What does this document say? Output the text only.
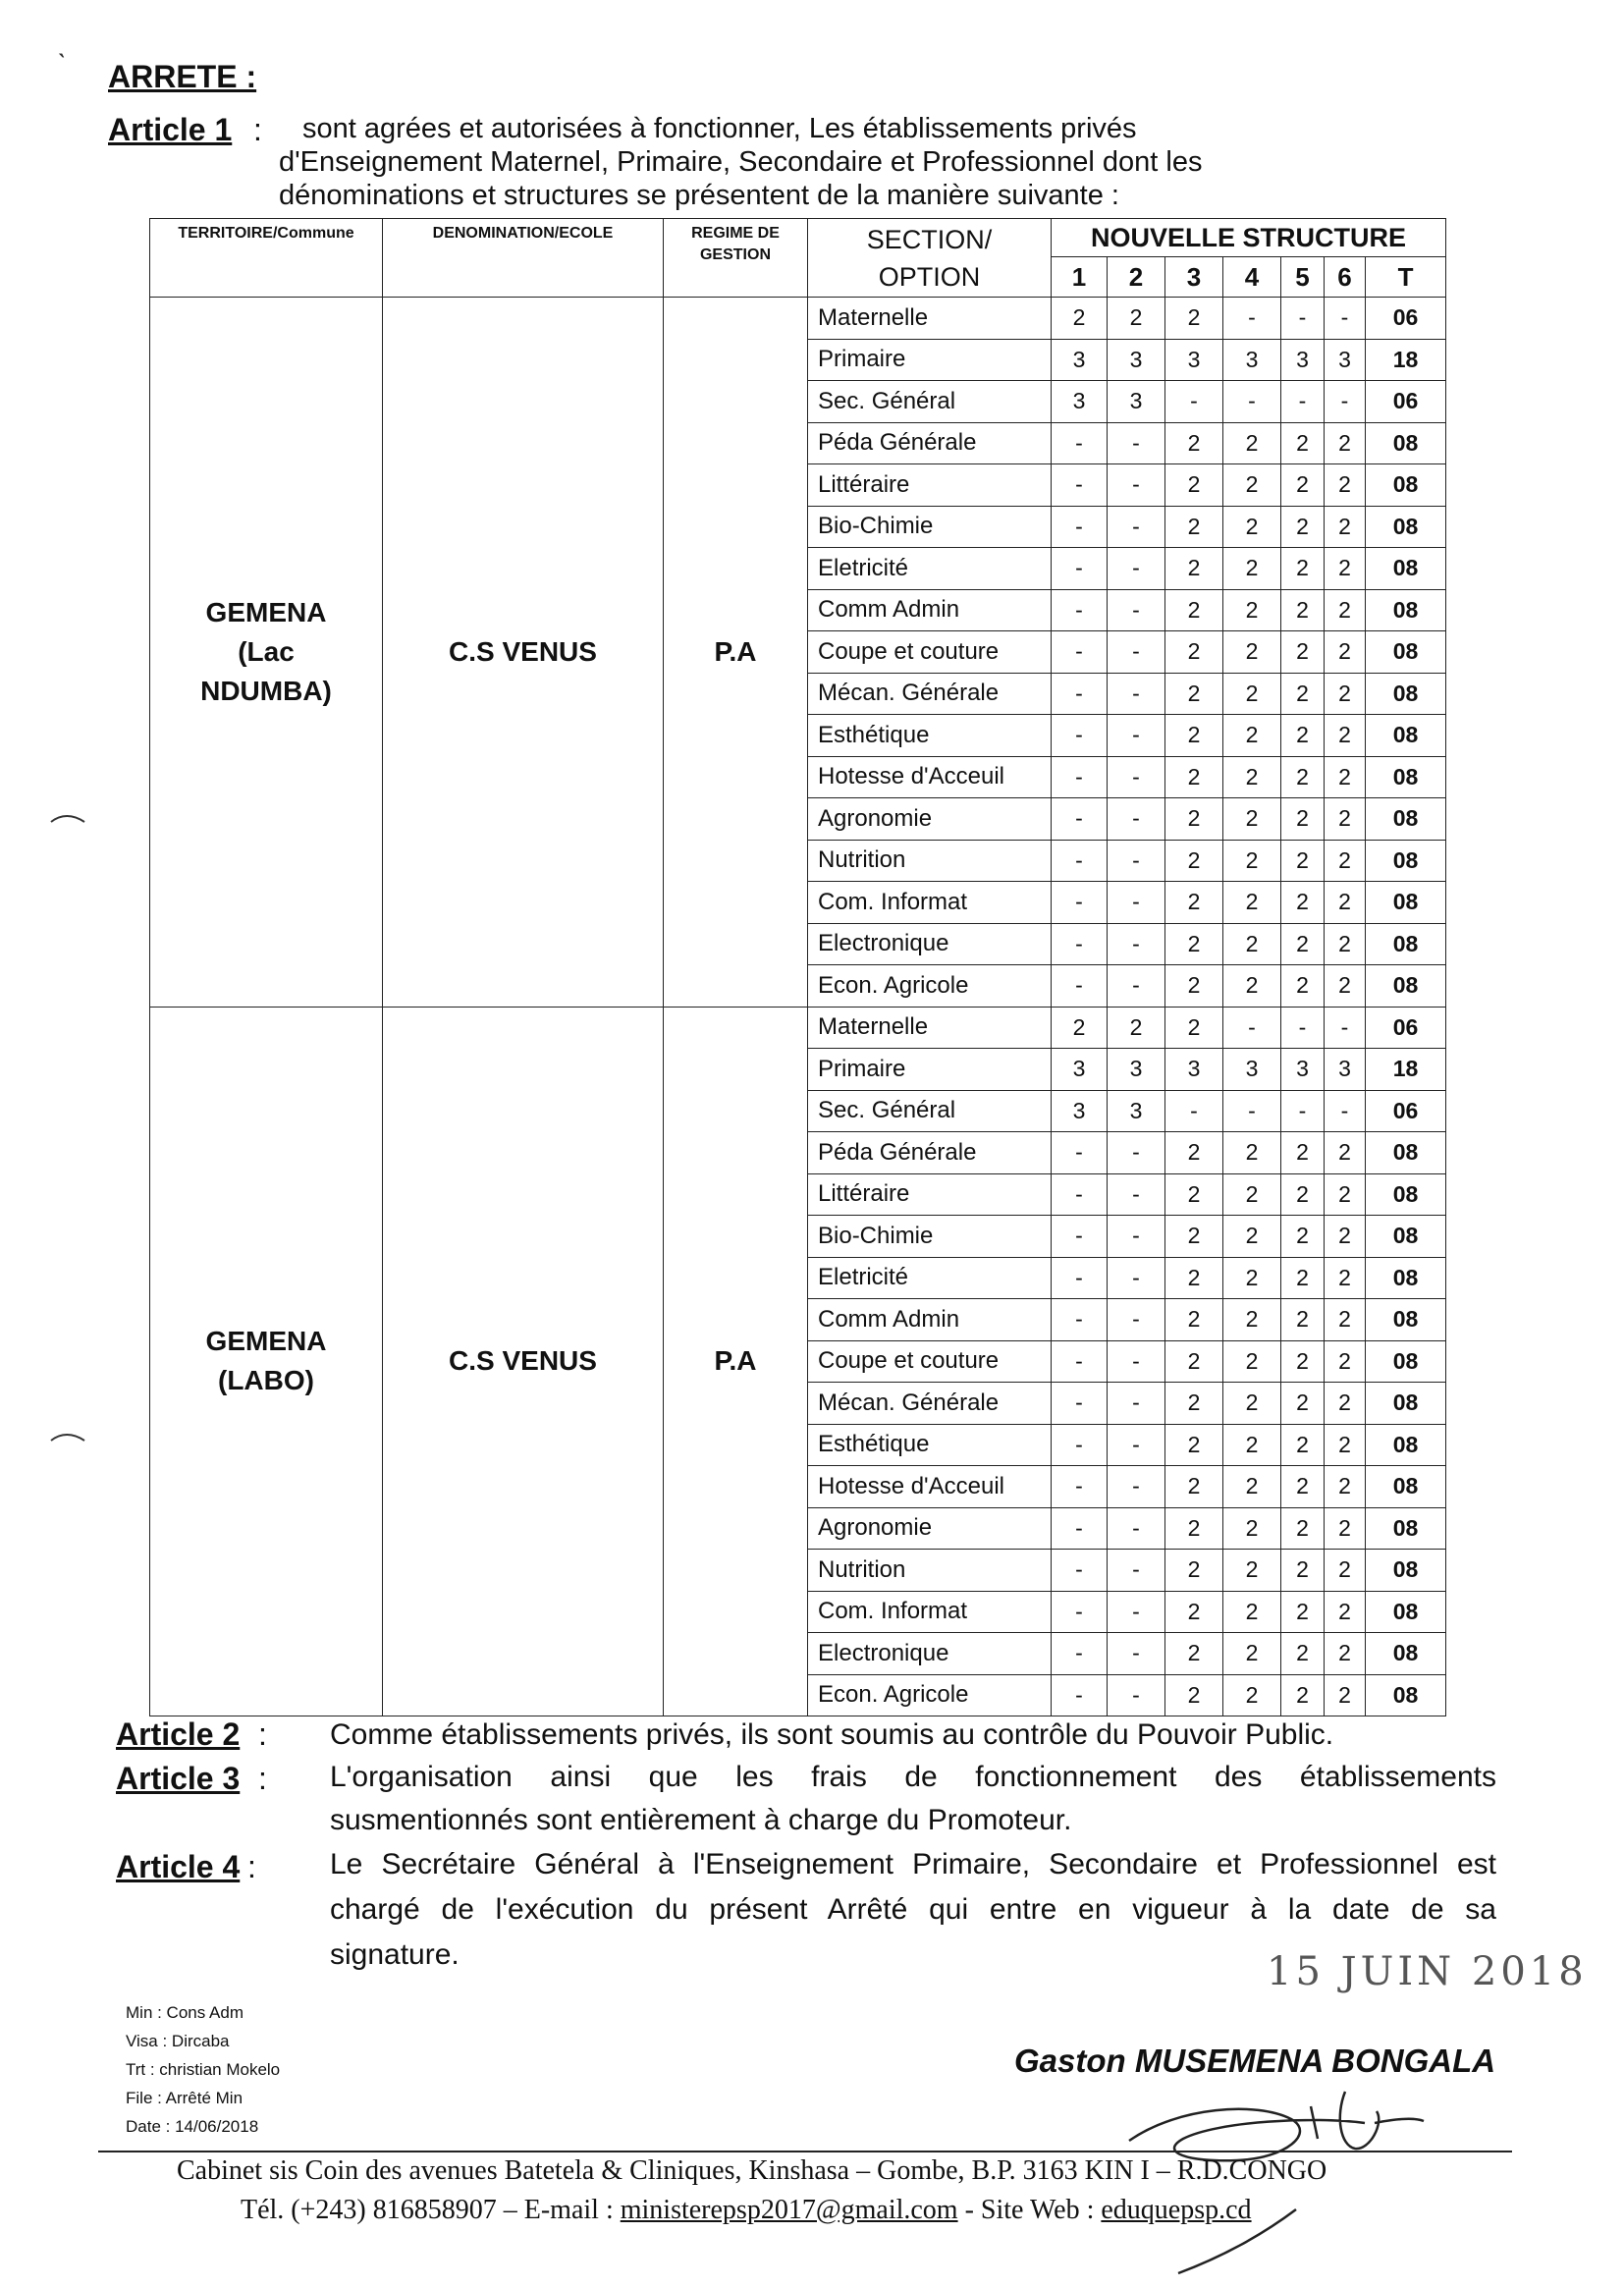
ARRETE :
Article 1 : sont agrées et autorisées à fonctionner, Les établissements privés
d'Enseignement Maternel, Primaire, Secondaire et Professionnel dont les
dénominations et structures se présentent de la manière suivante :
TERRITOIRE/Commune	DENOMINATION/ECOLE	REGIME DE GESTION	SECTION/
OPTION	NOUVELLE STRUCTURE						
				1	2	3	4	5	6	T

GEMENA
(Lac
NDUMBA)	C.S VENUS	P.A	Maternelle	2	2	2	-	-	-	06
			Primaire	3	3	3	3	3	3	18
			Sec. Général	3	3	-	-	-	-	06
			Péda Générale	-	-	2	2	2	2	08
			Littéraire	-	-	2	2	2	2	08
			Bio-Chimie	-	-	2	2	2	2	08
			Eletricité	-	-	2	2	2	2	08
			Comm Admin	-	-	2	2	2	2	08
			Coupe et couture	-	-	2	2	2	2	08
			Mécan. Générale	-	-	2	2	2	2	08
			Esthétique	-	-	2	2	2	2	08
			Hotesse d'Acceuil	-	-	2	2	2	2	08
			Agronomie	-	-	2	2	2	2	08
			Nutrition	-	-	2	2	2	2	08
			Com. Informat	-	-	2	2	2	2	08
			Electronique	-	-	2	2	2	2	08
			Econ. Agricole	-	-	2	2	2	2	08

GEMENA
(LABO)	C.S VENUS	P.A	Maternelle	2	2	2	-	-	-	06
			Primaire	3	3	3	3	3	3	18
			Sec. Général	3	3	-	-	-	-	06
			Péda Générale	-	-	2	2	2	2	08
			Littéraire	-	-	2	2	2	2	08
			Bio-Chimie	-	-	2	2	2	2	08
			Eletricité	-	-	2	2	2	2	08
			Comm Admin	-	-	2	2	2	2	08
			Coupe et couture	-	-	2	2	2	2	08
			Mécan. Générale	-	-	2	2	2	2	08
			Esthétique	-	-	2	2	2	2	08
			Hotesse d'Acceuil	-	-	2	2	2	2	08
			Agronomie	-	-	2	2	2	2	08
			Nutrition	-	-	2	2	2	2	08
			Com. Informat	-	-	2	2	2	2	08
			Electronique	-	-	2	2	2	2	08
			Econ. Agricole	-	-	2	2	2	2	08
Article 2 : Comme établissements privés, ils sont soumis au contrôle du Pouvoir Public.
Article 3 : L'organisation ainsi que les frais de fonctionnement des établissements
susmentionnés sont entièrement à charge du Promoteur.
Article 4 :	Le Secrétaire Général à l'Enseignement Primaire, Secondaire et Professionnel est
chargé de l'exécution du présent Arrêté qui entre en vigueur à la date de sa
signature.	15 JUIN 2018
Min : Cons Adm
Visa : Dircaba
Trt : christian Mokelo
File : Arrêté Min
Date : 14/06/2018
Gaston MUSEMENA BONGALA
Cabinet sis Coin des avenues Batetela & Cliniques, Kinshasa – Gombe, B.P. 3163 KIN I – R.D.CONGO
Tél. (+243) 816858907 – E-mail : ministerepsp2017@gmail.com - Site Web : eduquepsp.cd
ˋ
